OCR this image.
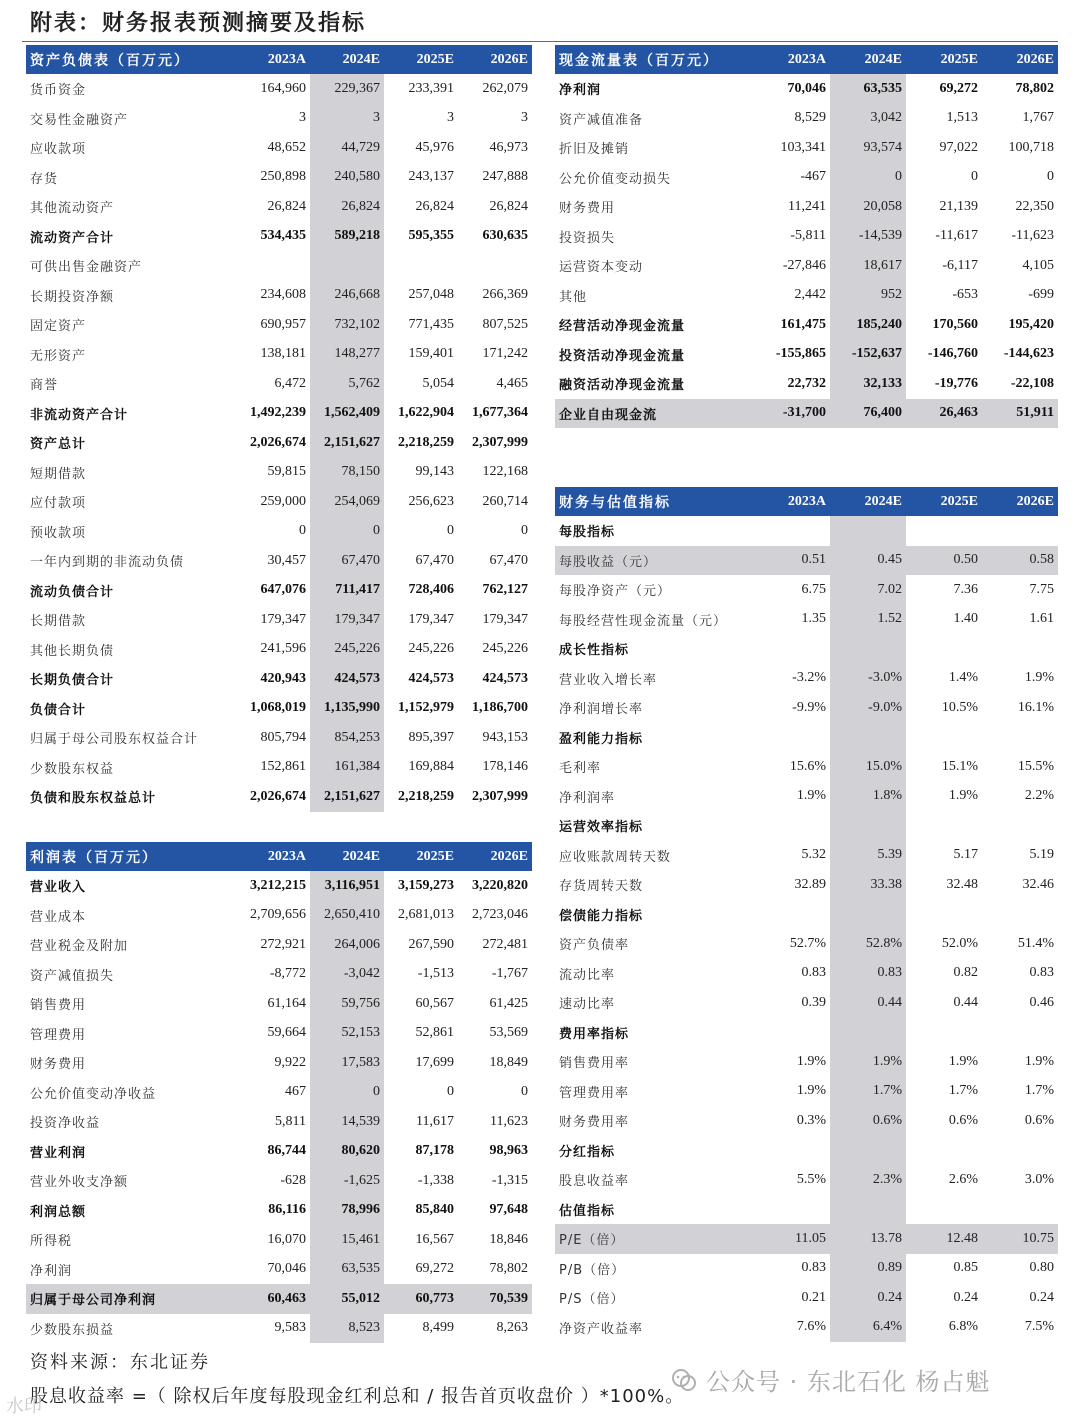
附表：财务报表预测摘要及指标
资产负债表（百万元）	2023A	2024E	2025E	2026E
货币资金	164,960	229,367	233,391	262,079
交易性金融资产	3	3	3	3
应收款项	48,652	44,729	45,976	46,973
存货	250,898	240,580	243,137	247,888
其他流动资产	26,824	26,824	26,824	26,824
流动资产合计	534,435	589,218	595,355	630,635
可供出售金融资产				
长期投资净额	234,608	246,668	257,048	266,369
固定资产	690,957	732,102	771,435	807,525
无形资产	138,181	148,277	159,401	171,242
商誉	6,472	5,762	5,054	4,465
非流动资产合计	1,492,239	1,562,409	1,622,904	1,677,364
资产总计	2,026,674	2,151,627	2,218,259	2,307,999
短期借款	59,815	78,150	99,143	122,168
应付款项	259,000	254,069	256,623	260,714
预收款项	0	0	0	0
一年内到期的非流动负债	30,457	67,470	67,470	67,470
流动负债合计	647,076	711,417	728,406	762,127
长期借款	179,347	179,347	179,347	179,347
其他长期负债	241,596	245,226	245,226	245,226
长期负债合计	420,943	424,573	424,573	424,573
负债合计	1,068,019	1,135,990	1,152,979	1,186,700
归属于母公司股东权益合计	805,794	854,253	895,397	943,153
少数股东权益	152,861	161,384	169,884	178,146
负债和股东权益总计	2,026,674	2,151,627	2,218,259	2,307,999
利润表（百万元）	2023A	2024E	2025E	2026E
营业收入	3,212,215	3,116,951	3,159,273	3,220,820
营业成本	2,709,656	2,650,410	2,681,013	2,723,046
营业税金及附加	272,921	264,006	267,590	272,481
资产减值损失	-8,772	-3,042	-1,513	-1,767
销售费用	61,164	59,756	60,567	61,425
管理费用	59,664	52,153	52,861	53,569
财务费用	9,922	17,583	17,699	18,849
公允价值变动净收益	467	0	0	0
投资净收益	5,811	14,539	11,617	11,623
营业利润	86,744	80,620	87,178	98,963
营业外收支净额	-628	-1,625	-1,338	-1,315
利润总额	86,116	78,996	85,840	97,648
所得税	16,070	15,461	16,567	18,846
净利润	70,046	63,535	69,272	78,802
归属于母公司净利润	60,463	55,012	60,773	70,539
少数股东损益	9,583	8,523	8,499	8,263
现金流量表（百万元）	2023A	2024E	2025E	2026E
净利润	70,046	63,535	69,272	78,802
资产减值准备	8,529	3,042	1,513	1,767
折旧及摊销	103,341	93,574	97,022	100,718
公允价值变动损失	-467	0	0	0
财务费用	11,241	20,058	21,139	22,350
投资损失	-5,811	-14,539	-11,617	-11,623
运营资本变动	-27,846	18,617	-6,117	4,105
其他	2,442	952	-653	-699
经营活动净现金流量	161,475	185,240	170,560	195,420
投资活动净现金流量	-155,865	-152,637	-146,760	-144,623
融资活动净现金流量	22,732	32,133	-19,776	-22,108
企业自由现金流	-31,700	76,400	26,463	51,911
财务与估值指标	2023A	2024E	2025E	2026E
每股指标				
每股收益（元）	0.51	0.45	0.50	0.58
每股净资产（元）	6.75	7.02	7.36	7.75
每股经营性现金流量（元）	1.35	1.52	1.40	1.61
成长性指标				
营业收入增长率	-3.2%	-3.0%	1.4%	1.9%
净利润增长率	-9.9%	-9.0%	10.5%	16.1%
盈利能力指标				
毛利率	15.6%	15.0%	15.1%	15.5%
净利润率	1.9%	1.8%	1.9%	2.2%
运营效率指标				
应收账款周转天数	5.32	5.39	5.17	5.19
存货周转天数	32.89	33.38	32.48	32.46
偿债能力指标				
资产负债率	52.7%	52.8%	52.0%	51.4%
流动比率	0.83	0.83	0.82	0.83
速动比率	0.39	0.44	0.44	0.46
费用率指标				
销售费用率	1.9%	1.9%	1.9%	1.9%
管理费用率	1.9%	1.7%	1.7%	1.7%
财务费用率	0.3%	0.6%	0.6%	0.6%
分红指标				
股息收益率	5.5%	2.3%	2.6%	3.0%
估值指标				
P/E（倍）	11.05	13.78	12.48	10.75
P/B（倍）	0.83	0.89	0.85	0.80
P/S（倍）	0.21	0.24	0.24	0.24
净资产收益率	7.6%	6.4%	6.8%	7.5%
资料来源：东北证券
股息收益率 =（ 除权后年度每股现金红利总和 / 报告首页收盘价 ）*100%。
公众号 · 东北石化 杨占魁
水印
